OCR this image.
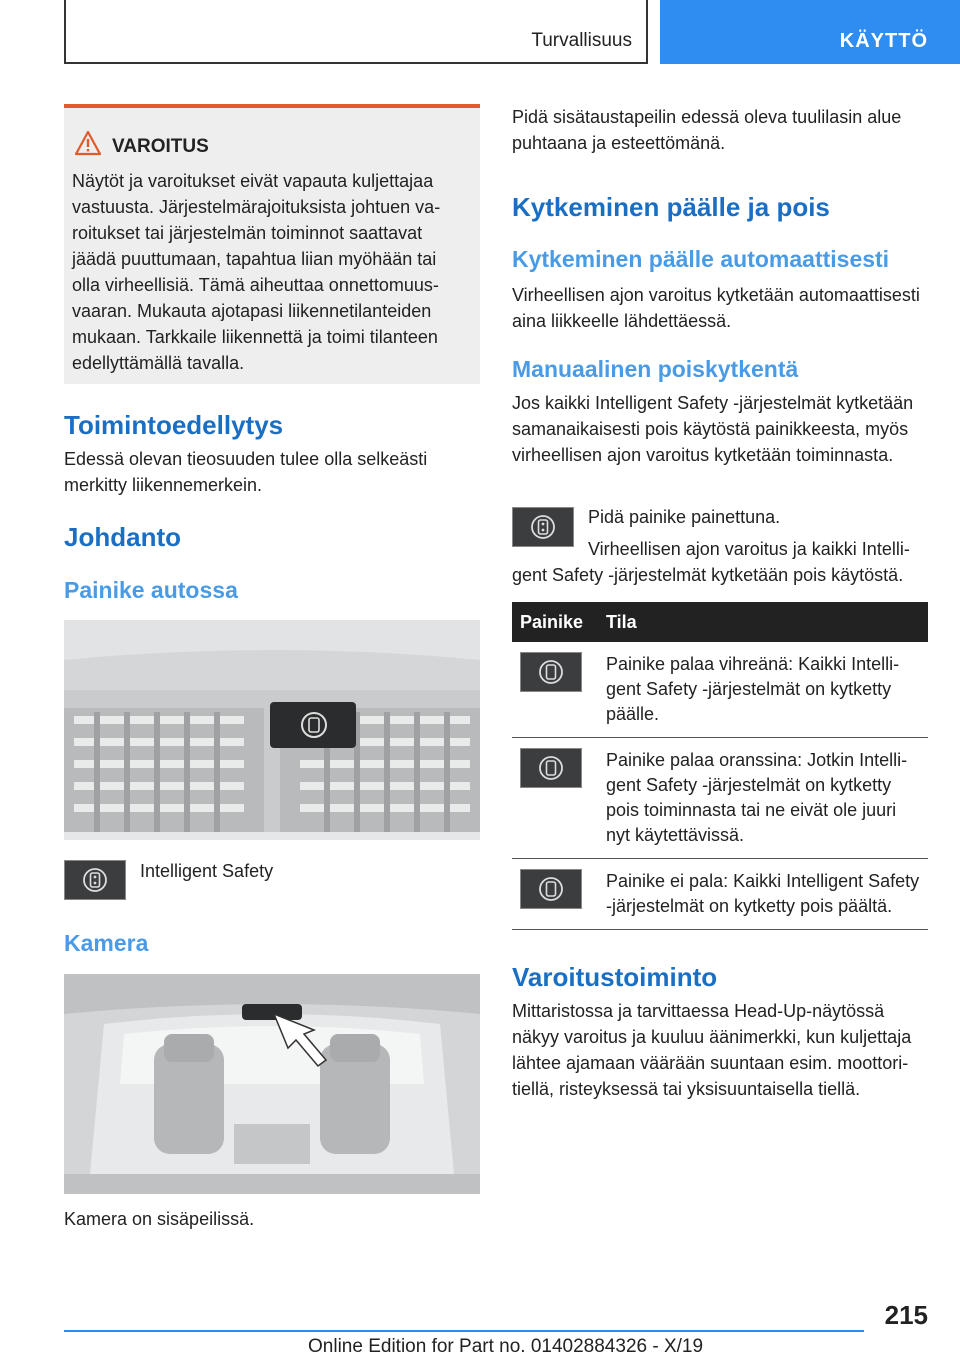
Turvallisuus	KÄYTTÖ
VAROITUS

Näytöt ja varoitukset eivät vapauta kuljettajaa vastuusta. Järjestelmärajoituksista johtuen varoitukset tai järjestelmän toiminnot saattavat jäädä puuttumaan, tapahtua liian myöhään tai olla virheellisiä. Tämä aiheuttaa onnettomuusvaaran. Mukauta ajotapasi liikennetilanteiden mukaan. Tarkkaile liikennettä ja toimi tilanteen edellyttämällä tavalla.

Toimintoedellytys

Edessä olevan tieosuuden tulee olla selkeästi merkitty liikennemerkein.

Johdanto
Painike autossa

Intelligent Safety

Kamera

Kamera on sisäpeilissä.

Pidä sisätaustapeilin edessä oleva tuulilasin alue puhtaana ja esteettömänä.

Kytkeminen päälle ja pois
Kytkeminen päälle automaattisesti

Virheellisen ajon varoitus kytketään automaattisesti aina liikkeelle lähdettäessä.

Manuaalinen poiskytkentä

Jos kaikki Intelligent Safety -järjestelmät kytketään samanaikaisesti pois käytöstä painikkeesta, myös virheellisen ajon varoitus kytketään toiminnasta.

Pidä painike painettuna.

Virheellisen ajon varoitus ja kaikki Intelligent Safety -järjestelmät kytketään pois käytöstä.

Painike	Tila

	Painike palaa vihreänä: Kaikki Intelligent Safety -järjestelmät on kytketty päälle.

	Painike palaa oranssina: Jotkin Intelligent Safety -järjestelmät on kytketty pois toiminnasta tai ne eivät ole juuri nyt käytettävissä.

	Painike ei pala: Kaikki Intelligent Safety -järjestelmät on kytketty pois päältä.
Varoitustoiminto

Mittaristossa ja tarvittaessa Head-Up-näytössä näkyy varoitus ja kuuluu äänimerkki, kun kuljettaja lähtee ajamaan väärään suuntaan esim. moottoritiellä, risteyksessä tai yksisuuntaisella tiellä.

215
Online Edition for Part no. 01402884326 - X/19
